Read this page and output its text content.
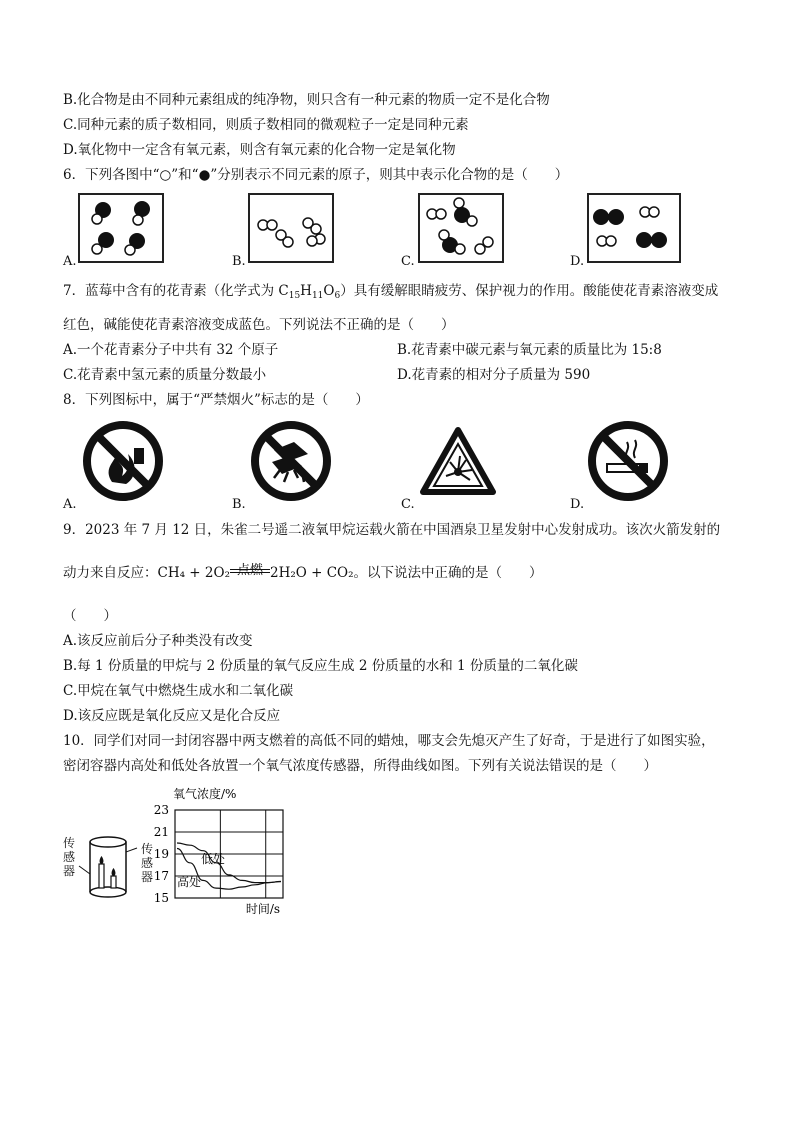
B.化合物是由不同种元素组成的纯净物，则只含有一种元素的物质一定不是化合物
C.同种元素的质子数相同，则质子数相同的微观粒子一定是同种元素
D.氧化物中一定含有氧元素，则含有氧元素的化合物一定是氧化物
6．下列各图中“○”和“●”分别表示不同元素的原子，则其中表示化合物的是（　　）
A.	B.	C.	D.
7．蓝莓中含有的花青素（化学式为 $C_{15}H_{11}O_6$）具有缓解眼睛疲劳、保护视力的作用。酸能使花青素溶液变成
红色，碱能使花青素溶液变成蓝色。下列说法不正确的是（　　）
A.一个花青素分子中共有 32 个原子	B.花青素中碳元素与氧元素的质量比为 15:8
C.花青素中氢元素的质量分数最小	D.花青素的相对分子质量为 590
8．下列图标中，属于“严禁烟火”标志的是（　　）
A.	B.	C.	D.
9．2023 年 7 月 12 日，朱雀二号遥二液氧甲烷运载火箭在中国酒泉卫星发射中心发射成功。该次火箭发射的
动力来自反应：CH₄ + 2O₂ 点燃 2H₂O + CO₂。以下说法中正确的是（　　）
（　　）
A.该反应前后分子种类没有改变
B.每 1 份质量的甲烷与 2 份质量的氧气反应生成 2 份质量的水和 1 份质量的二氧化碳
C.甲烷在氧气中燃烧生成水和二氧化碳
D.该反应既是氧化反应又是化合反应
10．同学们对同一封闭容器中两支燃着的高低不同的蜡烛，哪支会先熄灭产生了好奇，于是进行了如图实验，
密闭容器内高处和低处各放置一个氧气浓度传感器，所得曲线如图。下列有关说法错误的是（　　）
传感器
传感器
氧气浓度/%
23
21
19
17
15
低处
高处
时间/s
